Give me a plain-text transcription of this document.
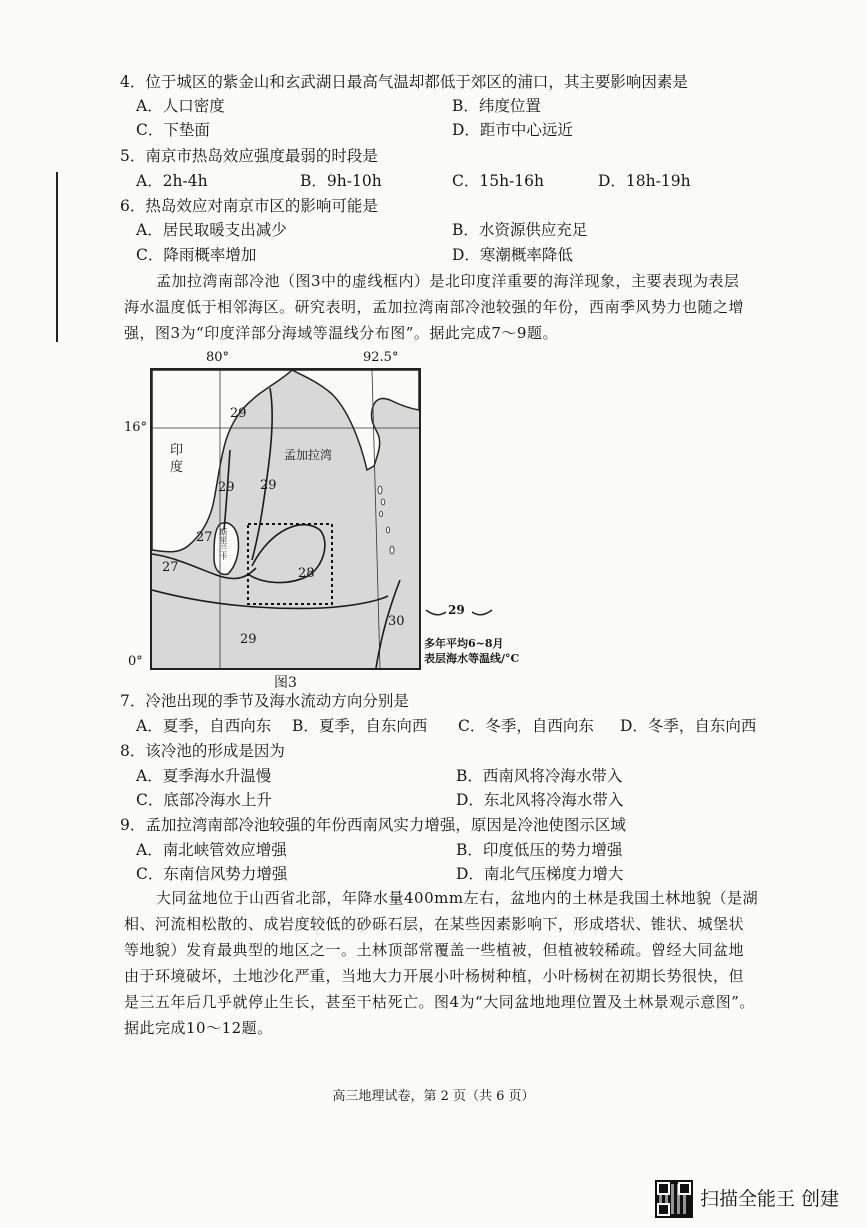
4．位于城区的紫金山和玄武湖日最高气温却都低于郊区的浦口，其主要影响因素是
A．人口密度	B．纬度位置
C．下垫面	D．距市中心远近
5．南京市热岛效应强度最弱的时段是
A．2h-4h	B．9h-10h	C．15h-16h	D．18h-19h
6．热岛效应对南京市区的影响可能是
A．居民取暖支出减少	B．水资源供应充足
C．降雨概率增加	D．寒潮概率降低
孟加拉湾南部冷池（图3中的虚线框内）是北印度洋重要的海洋现象，主要表现为表层
海水温度低于相邻海区。研究表明，孟加拉湾南部冷池较强的年份，西南季风势力也随之增
强，图3为“印度洋部分海域等温线分布图”。据此完成7～9题。
80°	92.5°
16°
0°
印
度
孟加拉湾
斯里兰卡
29
29
29
27
27	28
29
30
29
多年平均6~8月
表层海水等温线/°C
图3
7．冷池出现的季节及海水流动方向分别是
A．夏季，自西向东 B．夏季，自东向西 C．冬季，自西向东 D．冬季，自东向西
8．该冷池的形成是因为
A．夏季海水升温慢	B．西南风将冷海水带入
C．底部冷海水上升	D．东北风将冷海水带入
9．孟加拉湾南部冷池较强的年份西南风实力增强，原因是冷池使图示区域
A．南北峡管效应增强	B．印度低压的势力增强
C．东南信风势力增强	D．南北气压梯度力增大
大同盆地位于山西省北部，年降水量400mm左右，盆地内的土林是我国土林地貌（是湖
相、河流相松散的、成岩度较低的砂砾石层，在某些因素影响下，形成塔状、锥状、城堡状
等地貌）发育最典型的地区之一。土林顶部常覆盖一些植被，但植被较稀疏。曾经大同盆地
由于环境破坏，土地沙化严重，当地大力开展小叶杨树种植，小叶杨树在初期长势很快，但
是三五年后几乎就停止生长，甚至干枯死亡。图4为“大同盆地地理位置及土林景观示意图”。
据此完成10～12题。
高三地理试卷，第 2 页（共 6 页）
扫描全能王 创建
